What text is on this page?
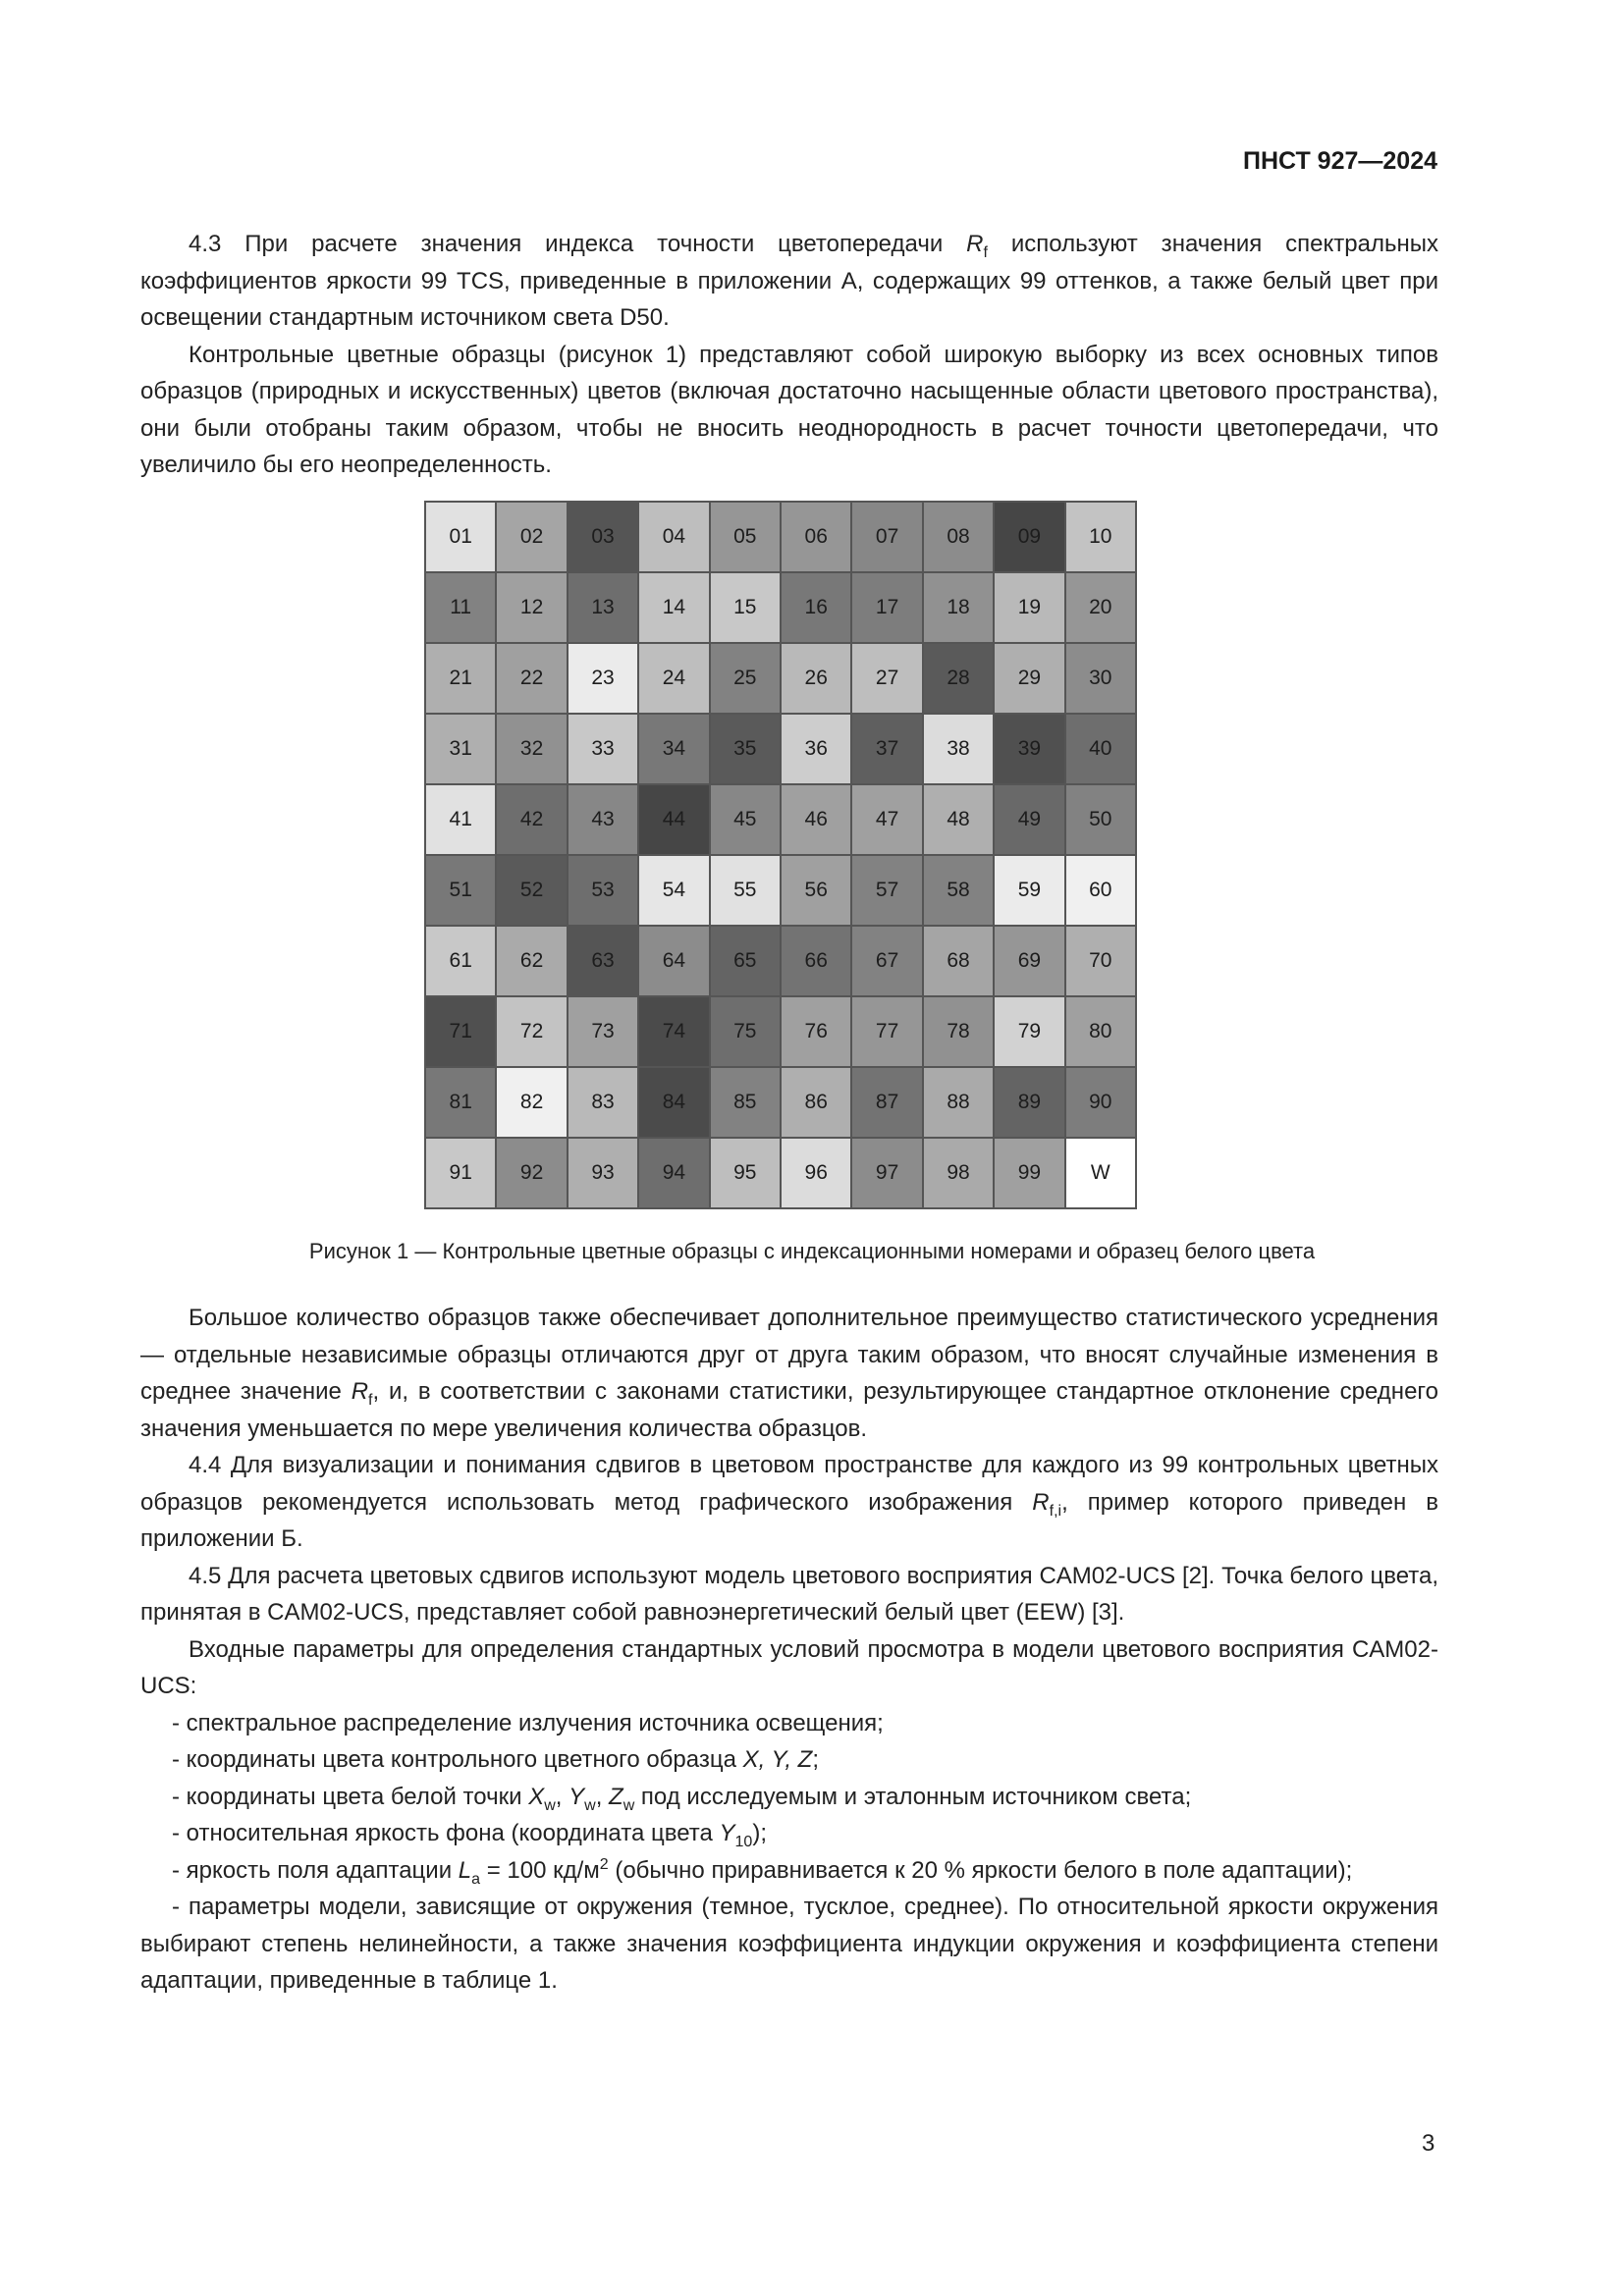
ПНСТ 927—2024

4.3 При расчете значения индекса точности цветопередачи $R_f$ используют значения спектральных коэффициентов яркости 99 TCS, приведенные в приложении А, содержащих 99 оттенков, а также белый цвет при освещении стандартным источником света D50.

Контрольные цветные образцы (рисунок 1) представляют собой широкую выборку из всех основных типов образцов (природных и искусственных) цветов (включая достаточно насыщенные области цветового пространства), они были отобраны таким образом, чтобы не вносить неоднородность в расчет точности цветопередачи, что увеличило бы его неопределенность.

01	02	03	04	05	06	07	08	09	10
11	12	13	14	15	16	17	18	19	20
21	22	23	24	25	26	27	28	29	30
31	32	33	34	35	36	37	38	39	40
41	42	43	44	45	46	47	48	49	50
51	52	53	54	55	56	57	58	59	60
61	62	63	64	65	66	67	68	69	70
71	72	73	74	75	76	77	78	79	80
81	82	83	84	85	86	87	88	89	90
91	92	93	94	95	96	97	98	99	W
Рисунок 1 — Контрольные цветные образцы с индексационными номерами и образец белого цвета

Большое количество образцов также обеспечивает дополнительное преимущество статистического усреднения — отдельные независимые образцы отличаются друг от друга таким образом, что вносят случайные изменения в среднее значение $R_f$, и, в соответствии с законами статистики, результирующее стандартное отклонение среднего значения уменьшается по мере увеличения количества образцов.

4.4 Для визуализации и понимания сдвигов в цветовом пространстве для каждого из 99 контрольных цветных образцов рекомендуется использовать метод графического изображения $R_{f,i}$, пример которого приведен в приложении Б.

4.5 Для расчета цветовых сдвигов используют модель цветового восприятия CAM02-UCS [2]. Точка белого цвета, принятая в CAM02-UCS, представляет собой равноэнергетический белый цвет (EEW) [3].

Входные параметры для определения стандартных условий просмотра в модели цветового восприятия CAM02-UCS:

- спектральное распределение излучения источника освещения;

- координаты цвета контрольного цветного образца X, Y, Z;

- координаты цвета белой точки $X_w$, $Y_w$, $Z_w$ под исследуемым и эталонным источником света;

- относительная яркость фона (координата цвета $Y_{10}$);

- яркость поля адаптации $L_a = 100$ $кд/м^2$ (обычно приравнивается к 20 % яркости белого в поле адаптации);

- параметры модели, зависящие от окружения (темное, тусклое, среднее). По относительной яркости окружения выбирают степень нелинейности, а также значения коэффициента индукции окружения и коэффициента степени адаптации, приведенные в таблице 1.

3
